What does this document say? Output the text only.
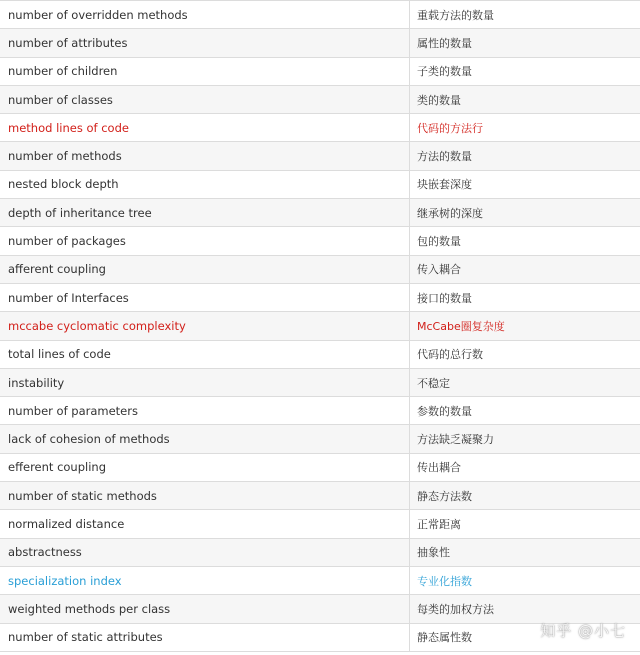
number of overridden methods	重载方法的数量
number of attributes	属性的数量
number of children	子类的数量
number of classes	类的数量
method lines of code	代码的方法行
number of methods	方法的数量
nested block depth	块嵌套深度
depth of inheritance tree	继承树的深度
number of packages	包的数量
afferent coupling	传入耦合
number of Interfaces	接口的数量
mccabe cyclomatic complexity	McCabe圈复杂度
total lines of code	代码的总行数
instability	不稳定
number of parameters	参数的数量
lack of cohesion of methods	方法缺乏凝聚力
efferent coupling	传出耦合
number of static methods	静态方法数
normalized distance	正常距离
abstractness	抽象性
specialization index	专业化指数
weighted methods per class	每类的加权方法
number of static attributes	静态属性数	知乎 @小七
